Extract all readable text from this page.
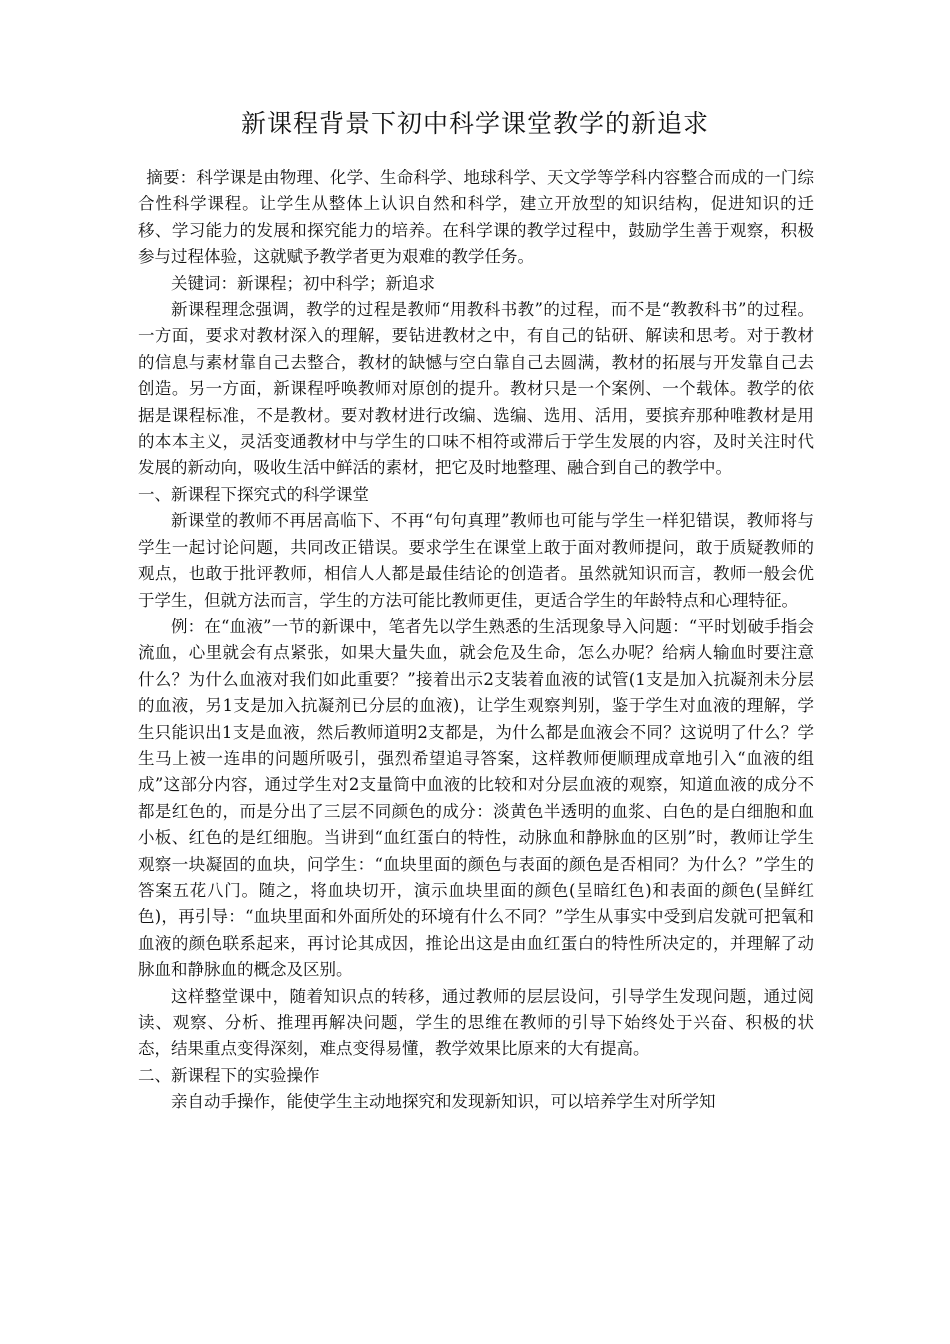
新课程背景下初中科学课堂教学的新追求

摘要：科学课是由物理、化学、生命科学、地球科学、天文学等学科内容整合而成的一门综合性科学课程。让学生从整体上认识自然和科学，建立开放型的知识结构，促进知识的迁移、学习能力的发展和探究能力的培养。在科学课的教学过程中，鼓励学生善于观察，积极参与过程体验，这就赋予教学者更为艰难的教学任务。

关键词：新课程；初中科学；新追求

新课程理念强调，教学的过程是教师“用教科书教”的过程，而不是“教教科书”的过程。一方面，要求对教材深入的理解，要钻进教材之中，有自己的钻研、解读和思考。对于教材的信息与素材靠自己去整合，教材的缺憾与空白靠自己去圆满，教材的拓展与开发靠自己去创造。另一方面，新课程呼唤教师对原创的提升。教材只是一个案例、一个载体。教学的依据是课程标准，不是教材。要对教材进行改编、选编、选用、活用，要摈弃那种唯教材是用的本本主义，灵活变通教材中与学生的口味不相符或滞后于学生发展的内容，及时关注时代发展的新动向，吸收生活中鲜活的素材，把它及时地整理、融合到自己的教学中。

一、新课程下探究式的科学课堂

新课堂的教师不再居高临下、不再“句句真理”教师也可能与学生一样犯错误，教师将与学生一起讨论问题，共同改正错误。要求学生在课堂上敢于面对教师提问，敢于质疑教师的观点，也敢于批评教师，相信人人都是最佳结论的创造者。虽然就知识而言，教师一般会优于学生，但就方法而言，学生的方法可能比教师更佳，更适合学生的年龄特点和心理特征。

例：在“血液”一节的新课中，笔者先以学生熟悉的生活现象导入问题：“平时划破手指会流血，心里就会有点紧张，如果大量失血，就会危及生命，怎么办呢？给病人输血时要注意什么？为什么血液对我们如此重要？”接着出示2支装着血液的试管(1支是加入抗凝剂未分层的血液，另1支是加入抗凝剂已分层的血液)，让学生观察判别，鉴于学生对血液的理解，学生只能识出1支是血液，然后教师道明2支都是，为什么都是血液会不同？这说明了什么？学生马上被一连串的问题所吸引，强烈希望追寻答案，这样教师便顺理成章地引入“血液的组成”这部分内容，通过学生对2支量筒中血液的比较和对分层血液的观察，知道血液的成分不都是红色的，而是分出了三层不同颜色的成分：淡黄色半透明的血浆、白色的是白细胞和血小板、红色的是红细胞。当讲到“血红蛋白的特性，动脉血和静脉血的区别”时，教师让学生观察一块凝固的血块，问学生：“血块里面的颜色与表面的颜色是否相同？为什么？”学生的答案五花八门。随之，将血块切开，演示血块里面的颜色(呈暗红色)和表面的颜色(呈鲜红色)，再引导：“血块里面和外面所处的环境有什么不同？”学生从事实中受到启发就可把氧和血液的颜色联系起来，再讨论其成因，推论出这是由血红蛋白的特性所决定的，并理解了动脉血和静脉血的概念及区别。

这样整堂课中，随着知识点的转移，通过教师的层层设问，引导学生发现问题，通过阅读、观察、分析、推理再解决问题，学生的思维在教师的引导下始终处于兴奋、积极的状态，结果重点变得深刻，难点变得易懂，教学效果比原来的大有提高。

二、新课程下的实验操作

亲自动手操作，能使学生主动地探究和发现新知识，可以培养学生对所学知
